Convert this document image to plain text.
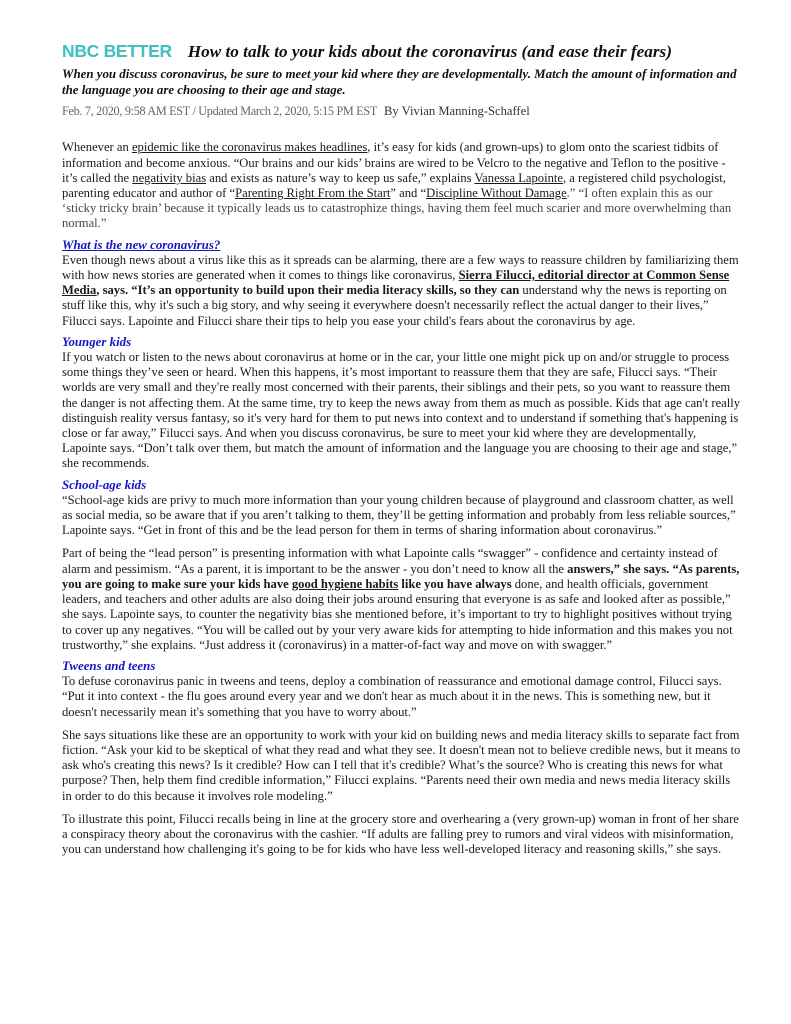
NBC BETTER How to talk to your kids about the coronavirus (and ease their fears)
When you discuss coronavirus, be sure to meet your kid where they are developmentally. Match the amount of information and the language you are choosing to their age and stage.
Feb. 7, 2020, 9:58 AM EST / Updated March 2, 2020, 5:15 PM EST By Vivian Manning-Schaffel

Whenever an epidemic like the coronavirus makes headlines, it’s easy for kids (and grown-ups) to glom onto the scariest tidbits of information and become anxious. “Our brains and our kids’ brains are wired to be Velcro to the negative and Teflon to the positive - it’s called the negativity bias and exists as nature’s way to keep us safe,” explains Vanessa Lapointe, a registered child psychologist, parenting educator and author of “Parenting Right From the Start” and “Discipline Without Damage.” “I often explain this as our ‘sticky tricky brain’ because it typically leads us to catastrophize things, having them feel much scarier and more overwhelming than normal.”

What is the new coronavirus?

Even though news about a virus like this as it spreads can be alarming, there are a few ways to reassure children by familiarizing them with how news stories are generated when it comes to things like coronavirus, Sierra Filucci, editorial director at Common Sense Media, says. “It’s an opportunity to build upon their media literacy skills, so they can understand why the news is reporting on stuff like this, why it's such a big story, and why seeing it everywhere doesn't necessarily reflect the actual danger to their lives,” Filucci says. Lapointe and Filucci share their tips to help you ease your child's fears about the coronavirus by age.

Younger kids

If you watch or listen to the news about coronavirus at home or in the car, your little one might pick up on and/or struggle to process some things they’ve seen or heard. When this happens, it’s most important to reassure them that they are safe, Filucci says. “Their worlds are very small and they're really most concerned with their parents, their siblings and their pets, so you want to reassure them the danger is not affecting them. At the same time, try to keep the news away from them as much as possible. Kids that age can't really distinguish reality versus fantasy, so it's very hard for them to put news into context and to understand if something that's happening is close or far away,” Filucci says. And when you discuss coronavirus, be sure to meet your kid where they are developmentally, Lapointe says. “Don’t talk over them, but match the amount of information and the language you are choosing to their age and stage,” she recommends.

School-age kids

“School-age kids are privy to much more information than your young children because of playground and classroom chatter, as well as social media, so be aware that if you aren’t talking to them, they’ll be getting information and probably from less reliable sources,” Lapointe says. “Get in front of this and be the lead person for them in terms of sharing information about coronavirus.”

Part of being the “lead person” is presenting information with what Lapointe calls “swagger” - confidence and certainty instead of alarm and pessimism. “As a parent, it is important to be the answer - you don’t need to know all the answers,” she says. “As parents, you are going to make sure your kids have good hygiene habits like you have always done, and health officials, government leaders, and teachers and other adults are also doing their jobs around ensuring that everyone is as safe and looked after as possible,” she says. Lapointe says, to counter the negativity bias she mentioned before, it’s important to try to highlight positives without trying to cover up any negatives. “You will be called out by your very aware kids for attempting to hide information and this makes you not trustworthy,” she explains. “Just address it (coronavirus) in a matter-of-fact way and move on with swagger.”

Tweens and teens

To defuse coronavirus panic in tweens and teens, deploy a combination of reassurance and emotional damage control, Filucci says. “Put it into context - the flu goes around every year and we don't hear as much about it in the news. This is something new, but it doesn't necessarily mean it's something that you have to worry about.”

She says situations like these are an opportunity to work with your kid on building news and media literacy skills to separate fact from fiction. “Ask your kid to be skeptical of what they read and what they see. It doesn't mean not to believe credible news, but it means to ask who's creating this news? Is it credible? How can I tell that it's credible? What’s the source? Who is creating this news for what purpose? Then, help them find credible information,” Filucci explains. “Parents need their own media and news media literacy skills in order to do this because it involves role modeling.”

To illustrate this point, Filucci recalls being in line at the grocery store and overhearing a (very grown-up) woman in front of her share a conspiracy theory about the coronavirus with the cashier. “If adults are falling prey to rumors and viral videos with misinformation, you can understand how challenging it's going to be for kids who have less well-developed literacy and reasoning skills,” she says.
